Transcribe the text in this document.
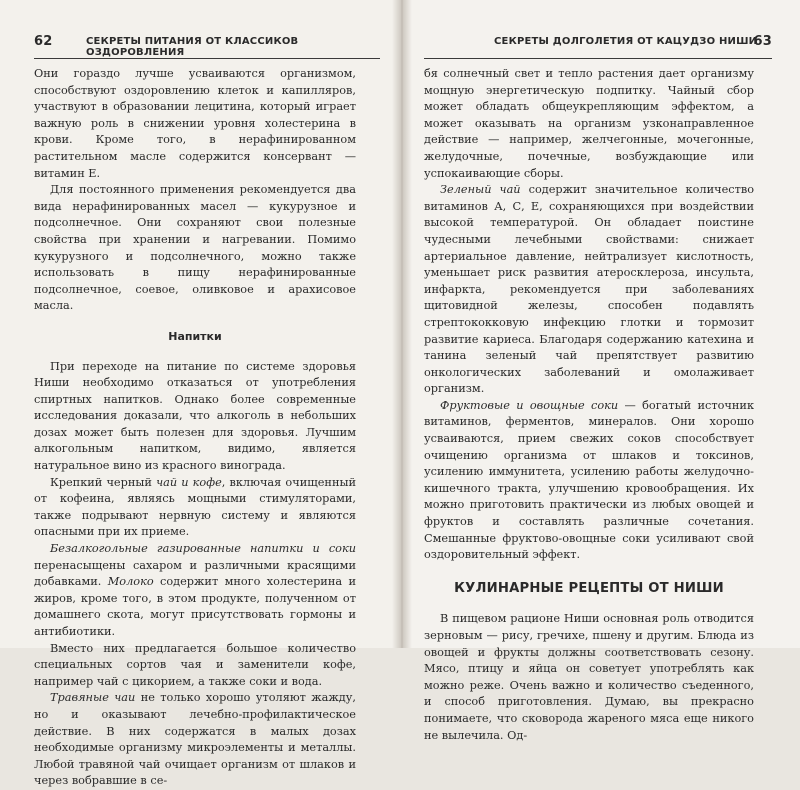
62	СЕКРЕТЫ ПИТАНИЯ ОТ КЛАССИКОВ ОЗДОРОВЛЕНИЯ

Они гораздо лучше усваиваются организмом, способствуют оздоровлению клеток и капилляров, участвуют в образовании лецитина, который играет важную роль в снижении уровня холестерина в крови. Кроме того, в нерафинированном растительном масле содержится консервант — витамин Е.

Для постоянного применения рекомендуется два вида нерафинированных масел — кукурузное и подсолнечное. Они сохраняют свои полезные свойства при хранении и нагревании. Помимо кукурузного и подсолнечного, можно также использовать в пищу нерафинированные подсолнечное, соевое, оливковое и арахисовое масла.

Напитки

При переходе на питание по системе здоровья Ниши необходимо отказаться от употребления спиртных напитков. Однако более современные исследования доказали, что алкоголь в небольших дозах может быть полезен для здоровья. Лучшим алкогольным напитком, видимо, является натуральное вино из красного винограда.

Крепкий черный чай и кофе, включая очищенный от кофеина, являясь мощными стимуляторами, также подрывают нервную систему и являются опасными при их приеме.

Безалкогольные газированные напитки и соки перенасыщены сахаром и различными красящими добавками. Молоко содержит много холестерина и жиров, кроме того, в этом продукте, полученном от домашнего скота, могут присутствовать гормоны и антибиотики.

Вместо них предлагается большое количество специальных сортов чая и заменители кофе, например чай с цикорием, а также соки и вода.

Травяные чаи не только хорошо утоляют жажду, но и оказывают лечебно-профилактическое действие. В них содержатся в малых дозах необходимые организму микроэлементы и металлы. Любой травяной чай очищает организм от шлаков и через вобравшие в се-

СЕКРЕТЫ ДОЛГОЛЕТИЯ ОТ КАЦУДЗО НИШИ
63

бя солнечный свет и тепло растения дает организму мощную энергетическую подпитку. Чайный сбор может обладать общеукрепляющим эффектом, а может оказывать на организм узконаправленное действие — например, желчегонные, мочегонные, желудочные, почечные, возбуждающие или успокаивающие сборы.

Зеленый чай содержит значительное количество витаминов А, С, Е, сохраняющихся при воздействии высокой температурой. Он обладает поистине чудесными лечебными свойствами: снижает артериальное давление, нейтрализует кислотность, уменьшает риск развития атеросклероза, инсульта, инфаркта, рекомендуется при заболеваниях щитовидной железы, способен подавлять стрептококковую инфекцию глотки и тормозит развитие кариеса. Благодаря содержанию катехина и танина зеленый чай препятствует развитию онкологических заболеваний и омолаживает организм.

Фруктовые и овощные соки — богатый источник витаминов, ферментов, минералов. Они хорошо усваиваются, прием свежих соков способствует очищению организма от шлаков и токсинов, усилению иммунитета, усилению работы желудочно-кишечного тракта, улучшению кровообращения. Их можно приготовить практически из любых овощей и фруктов и составлять различные сочетания. Смешанные фруктово-овощные соки усиливают свой оздоровительный эффект.

КУЛИНАРНЫЕ РЕЦЕПТЫ ОТ НИШИ

В пищевом рационе Ниши основная роль отводится зерновым — рису, гречихе, пшену и другим. Блюда из овощей и фрукты должны соответствовать сезону. Мясо, птицу и яйца он советует употреблять как можно реже. Очень важно и количество съеденного, и способ приготовления. Думаю, вы прекрасно понимаете, что сковорода жареного мяса еще никого не вылечила. Од-
